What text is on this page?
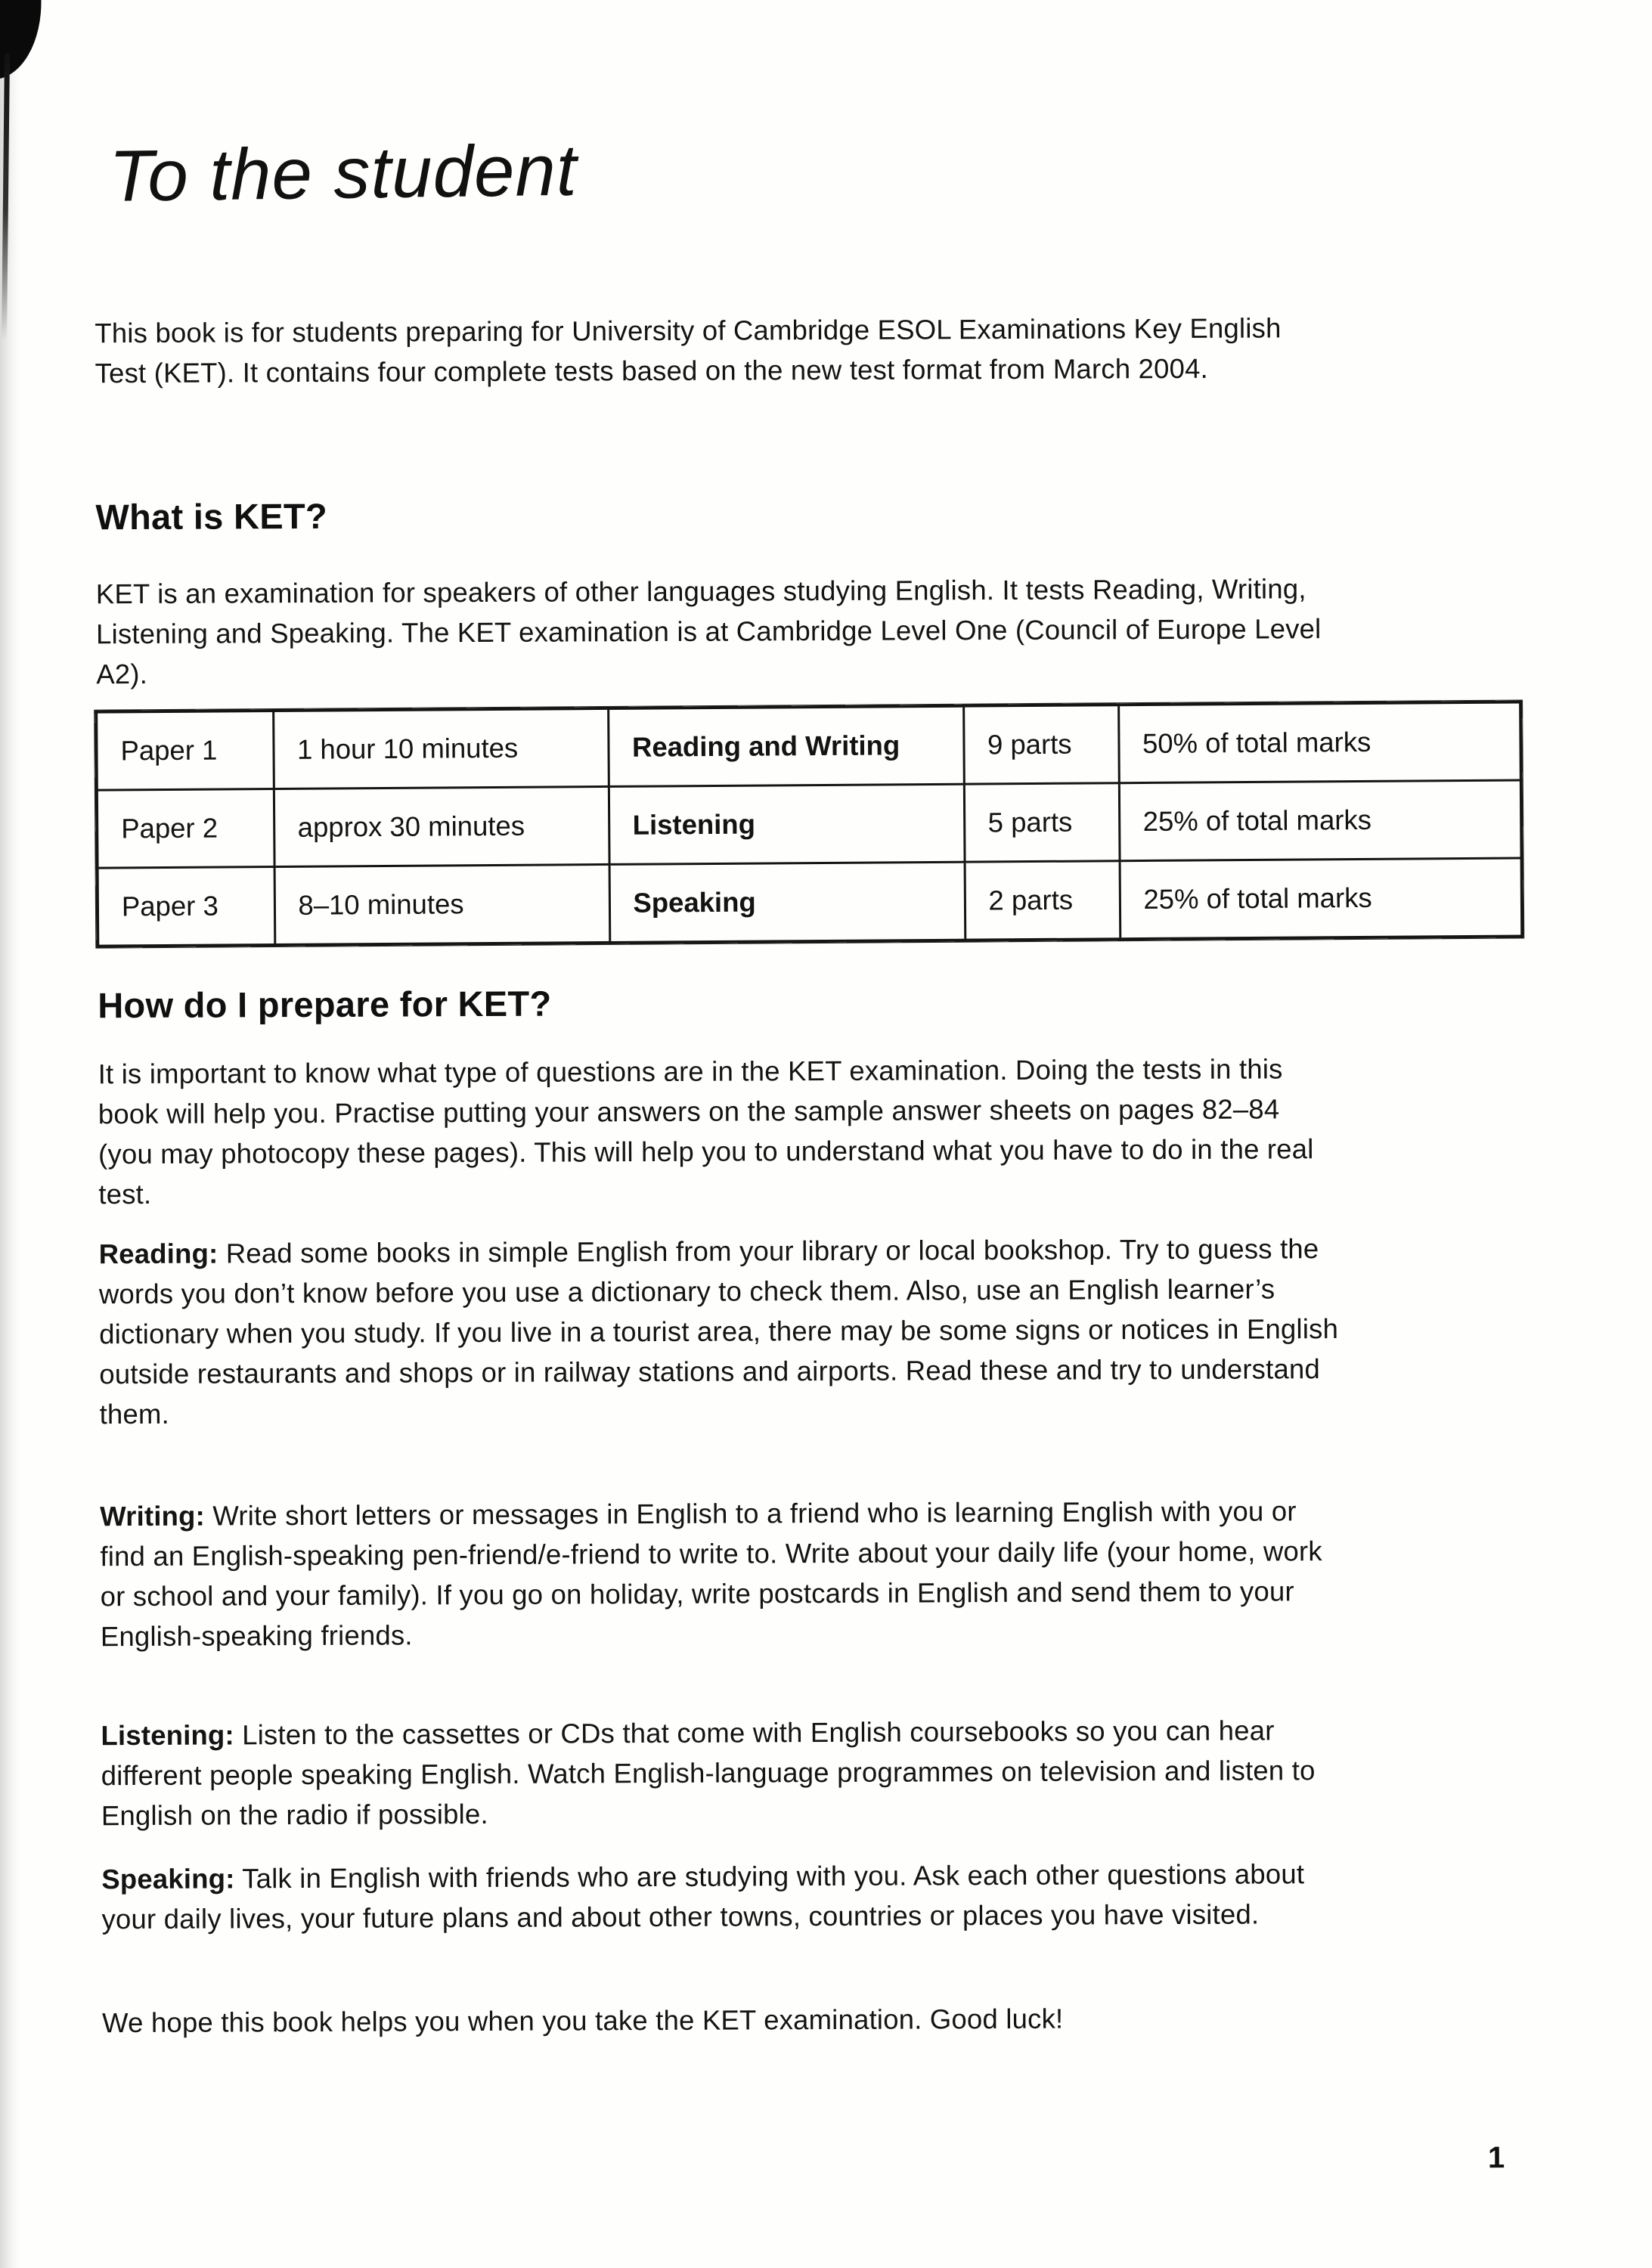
To the student

This book is for students preparing for University of Cambridge ESOL Examinations Key English Test (KET). It contains four complete tests based on the new test format from March 2004.

What is KET?

KET is an examination for speakers of other languages studying English. It tests Reading, Writing, Listening and Speaking. The KET examination is at Cambridge Level One (Council of Europe Level A2).

Paper 1	1 hour 10 minutes	Reading and Writing	9 parts	50% of total marks
Paper 2	approx 30 minutes	Listening	5 parts	25% of total marks
Paper 3	8–10 minutes	Speaking	2 parts	25% of total marks
How do I prepare for KET?

It is important to know what type of questions are in the KET examination. Doing the tests in this book will help you. Practise putting your answers on the sample answer sheets on pages 82–84 (you may photocopy these pages). This will help you to understand what you have to do in the real test.

Reading: Read some books in simple English from your library or local bookshop. Try to guess the words you don’t know before you use a dictionary to check them. Also, use an English learner’s dictionary when you study. If you live in a tourist area, there may be some signs or notices in English outside restaurants and shops or in railway stations and airports. Read these and try to understand them.

Writing: Write short letters or messages in English to a friend who is learning English with you or find an English-speaking pen-friend/e-friend to write to. Write about your daily life (your home, work or school and your family). If you go on holiday, write postcards in English and send them to your English-speaking friends.

Listening: Listen to the cassettes or CDs that come with English coursebooks so you can hear different people speaking English. Watch English-language programmes on television and listen to English on the radio if possible.

Speaking: Talk in English with friends who are studying with you. Ask each other questions about your daily lives, your future plans and about other towns, countries or places you have visited.

We hope this book helps you when you take the KET examination. Good luck!

1
